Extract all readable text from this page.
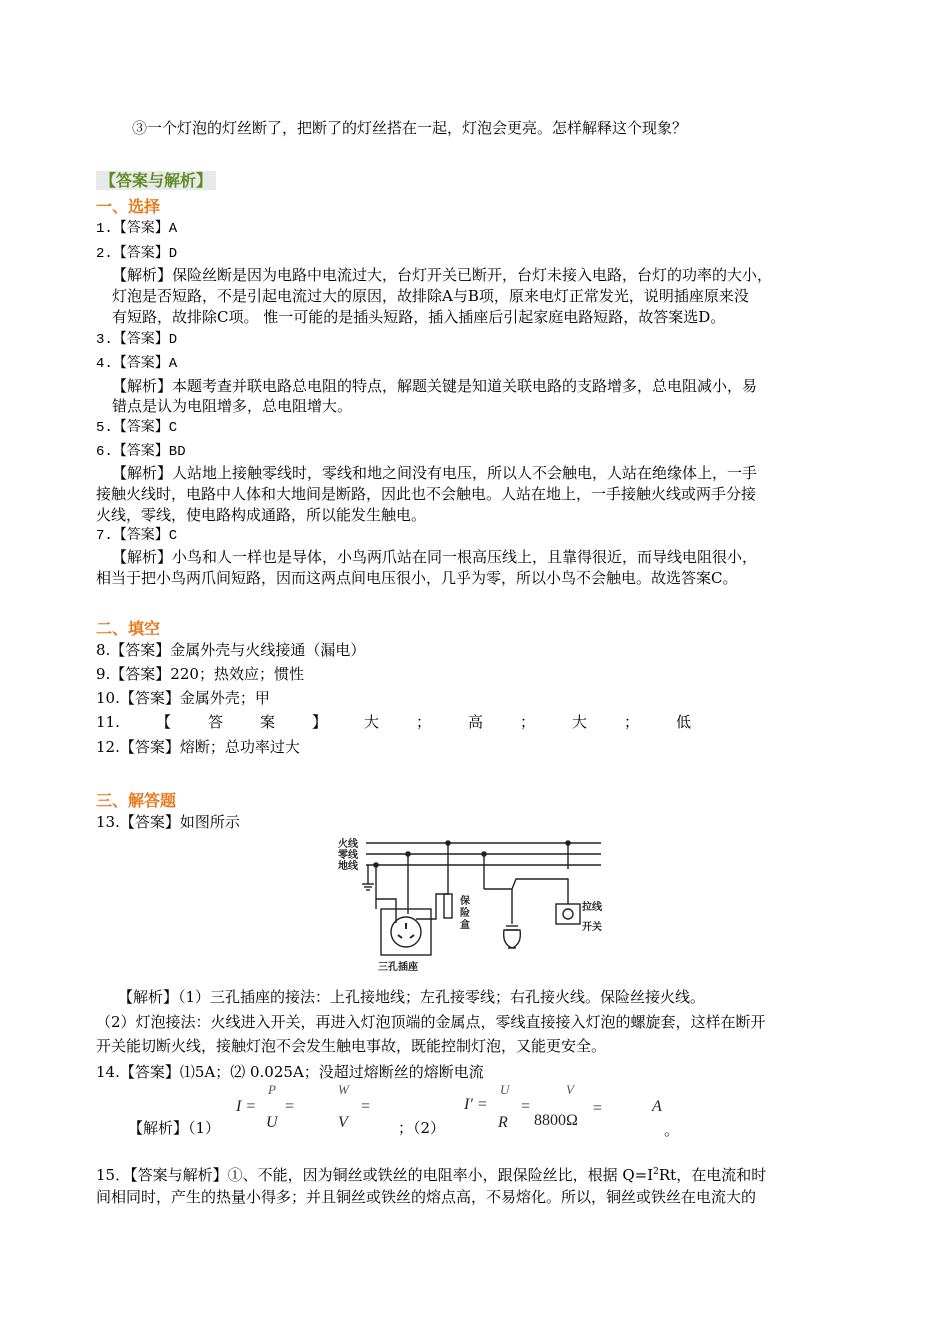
③一个灯泡的灯丝断了，把断了的灯丝搭在一起，灯泡会更亮。怎样解释这个现象？
【答案与解析】
一、选择
1.【答案】A
2.【答案】D
【解析】保险丝断是因为电路中电流过大，台灯开关已断开，台灯未接入电路，台灯的功率的大小，
灯泡是否短路，不是引起电流过大的原因，故排除A与B项，原来电灯正常发光，说明插座原来没
有短路，故排除C项。 惟一可能的是插头短路，插入插座后引起家庭电路短路，故答案选D。
3.【答案】D
4.【答案】A
【解析】本题考查并联电路总电阻的特点，解题关键是知道关联电路的支路增多，总电阻减小，易
错点是认为电阻增多，总电阻增大。
5.【答案】C
6.【答案】BD
【解析】人站地上接触零线时，零线和地之间没有电压，所以人不会触电，人站在绝缘体上，一手
接触火线时，电路中人体和大地间是断路，因此也不会触电。人站在地上，一手接触火线或两手分接
火线，零线，使电路构成通路，所以能发生触电。
7.【答案】C
【解析】小鸟和人一样也是导体，小鸟两爪站在同一根高压线上，且靠得很近，而导线电阻很小，
相当于把小鸟两爪间短路，因而这两点间电压很小，几乎为零，所以小鸟不会触电。故选答案C。
二、填空
8.【答案】金属外壳与火线接通（漏电）
9.【答案】220；热效应；惯性
10.【答案】金属外壳；甲
11. 【 答 案 】 大 ； 高 ； 大 ； 低
12.【答案】熔断；总功率过大
三、解答题
13.【答案】如图所示
火线
零线
地线
保
险
盒
拉线
开关
三孔插座
【解析】（1）三孔插座的接法：上孔接地线；左孔接零线；右孔接火线。保险丝接火线。
（2）灯泡接法：火线进入开关，再进入灯泡顶端的金属点，零线直接接入灯泡的螺旋套，这样在断开
开关能切断火线，接触灯泡不会发生触电事故，既能控制灯泡，又能更安全。
14.【答案】⑴5A；⑵ 0.025A；没超过熔断丝的熔断电流
【解析】（1）
I =
P
=
W
=
U	V	；（2）
I′ =
U
=
V
=
R 8800Ω
A
。
15．【答案与解析】①、不能，因为铜丝或铁丝的电阻率小，跟保险丝比，根据 $Q=I^2Rt$，在电流和时
间相同时，产生的热量小得多；并且铜丝或铁丝的熔点高，不易熔化。所以，铜丝或铁丝在电流大的
